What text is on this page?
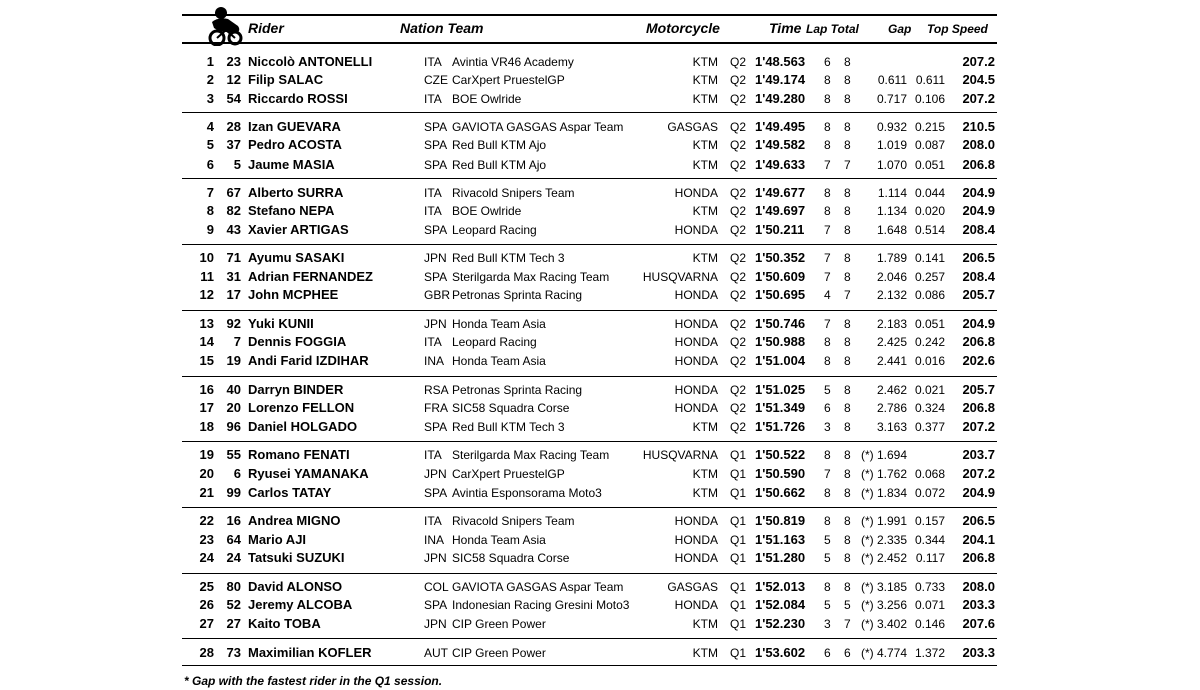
Rider	Nation Team	Motorcycle	Time Lap Total Gap Top Speed
1 23 Niccolò ANTONELLI	ITA Avintia VR46 Academy	KTM Q2 1'48.563 6 8	207.2
2 12 Filip SALAC	CZE CarXpert PruestelGP	KTM Q2 1'49.174 8 8	0.611 0.611	204.5
3 54 Riccardo ROSSI	ITA BOE Owlride	KTM Q2 1'49.280 8 8	0.717 0.106	207.2
4 28 Izan GUEVARA	SPA GAVIOTA GASGAS Aspar Team	GASGAS Q2 1'49.495 8 8	0.932 0.215	210.5
5 37 Pedro ACOSTA	SPA Red Bull KTM Ajo	KTM Q2 1'49.582 8 8	1.019 0.087	208.0
6	5 Jaume MASIA	SPA Red Bull KTM Ajo	KTM Q2 1'49.633 7 7	1.070 0.051	206.8
7 67 Alberto SURRA	ITA Rivacold Snipers Team	HONDA Q2 1'49.677 8 8	1.114 0.044	204.9
8 82 Stefano NEPA	ITA BOE Owlride	KTM Q2 1'49.697 8 8	1.134 0.020	204.9
9 43 Xavier ARTIGAS	SPA Leopard Racing	HONDA Q2 1'50.211 7 8	1.648 0.514	208.4
10 71 Ayumu SASAKI	JPN Red Bull KTM Tech 3	KTM Q2 1'50.352 7 8	1.789 0.141	206.5
11 31 Adrian FERNANDEZ	SPA Sterilgarda Max Racing Team	HUSQVARNA Q2 1'50.609 7 8	2.046 0.257	208.4
12 17 John MCPHEE	GBR Petronas Sprinta Racing	HONDA Q2 1'50.695 4 7	2.132 0.086	205.7
13 92 Yuki KUNII	JPN Honda Team Asia	HONDA Q2 1'50.746 7 8	2.183 0.051	204.9
14	7 Dennis FOGGIA	ITA Leopard Racing	HONDA Q2 1'50.988 8 8	2.425 0.242	206.8
15 19 Andi Farid IZDIHAR	INA Honda Team Asia	HONDA Q2 1'51.004 8 8	2.441 0.016	202.6
16 40 Darryn BINDER	RSA Petronas Sprinta Racing	HONDA Q2 1'51.025 5 8	2.462 0.021	205.7
17 20 Lorenzo FELLON	FRA SIC58 Squadra Corse	HONDA Q2 1'51.349 6 8	2.786 0.324	206.8
18 96 Daniel HOLGADO	SPA Red Bull KTM Tech 3	KTM Q2 1'51.726 3 8	3.163 0.377	207.2
19 55 Romano FENATI	ITA Sterilgarda Max Racing Team	HUSQVARNA Q1 1'50.522 8 8 (*) 1.694	203.7
20	6 Ryusei YAMANAKA	JPN CarXpert PruestelGP	KTM Q1 1'50.590 7 8 (*) 1.762 0.068	207.2
21 99 Carlos TATAY	SPA Avintia Esponsorama Moto3	KTM Q1 1'50.662 8 8 (*) 1.834 0.072	204.9
22 16 Andrea MIGNO	ITA Rivacold Snipers Team	HONDA Q1 1'50.819 8 8 (*) 1.991 0.157	206.5
23 64 Mario AJI	INA Honda Team Asia	HONDA Q1 1'51.163 5 8 (*) 2.335 0.344	204.1
24 24 Tatsuki SUZUKI	JPN SIC58 Squadra Corse	HONDA Q1 1'51.280 5 8 (*) 2.452 0.117	206.8
25 80 David ALONSO	COL GAVIOTA GASGAS Aspar Team	GASGAS Q1 1'52.013 8 8 (*) 3.185 0.733	208.0
26 52 Jeremy ALCOBA	SPA Indonesian Racing Gresini Moto3	HONDA Q1 1'52.084 5 5 (*) 3.256 0.071	203.3
27 27 Kaito TOBA	JPN CIP Green Power	KTM Q1 1'52.230 3 7 (*) 3.402 0.146	207.6
28 73 Maximilian KOFLER	AUT CIP Green Power	KTM Q1 1'53.602 6 6 (*) 4.774 1.372	203.3
* Gap with the fastest rider in the Q1 session.
